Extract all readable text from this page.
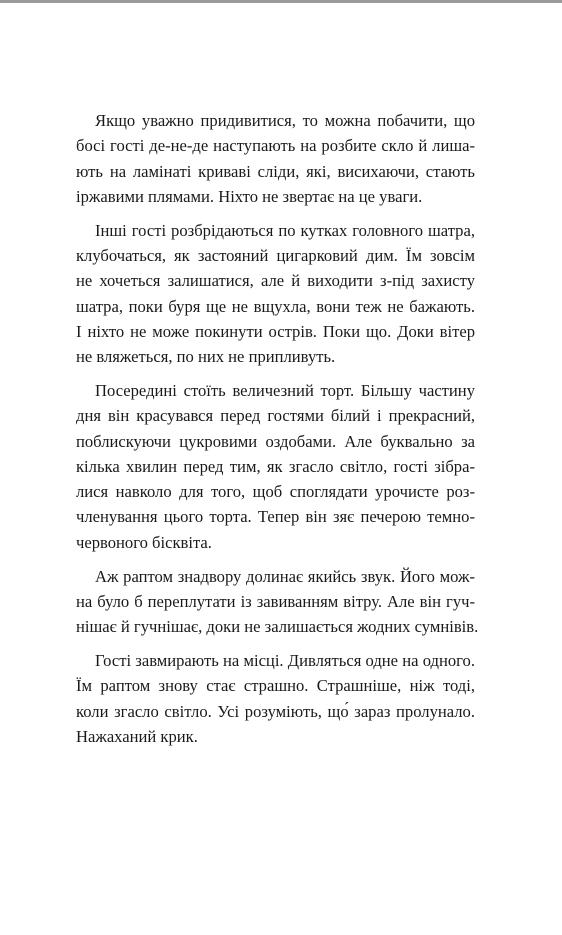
Якщо уважно придивитися, то можна побачити, що
босі гості де-не-де наступають на розбите скло й лиша-
ють на ламінаті криваві сліди, які, висихаючи, стають
іржавими плямами. Ніхто не звертає на це уваги.

Інші гості розбрідаються по кутках головного шатра,
клубочаться, як застояний цигарковий дим. Їм зовсім
не хочеться залишатися, але й виходити з-під захисту
шатра, поки буря ще не вщухла, вони теж не бажають.
І ніхто не може покинути острів. Поки що. Доки вітер
не вляжеться, по них не припливуть.

Посередині стоїть величезний торт. Більшу частину
дня він красувався перед гостями білий і прекрасний,
поблискуючи цукровими оздобами. Але буквально за
кілька хвилин перед тим, як згасло світло, гості зібра-
лися навколо для того, щоб споглядати урочисте роз-
членування цього торта. Тепер він зяє печерою темно-
червоного бісквіта.

Аж раптом знадвору долинає якийсь звук. Його мож-
на було б переплутати із завиванням вітру. Але він гуч-
нішає й гучнішає, доки не залишається жодних сумнівів.

Гості завмирають на місці. Дивляться одне на одного.
Їм раптом знову стає страшно. Страшніше, ніж тоді,
коли згасло світло. Усі розуміють, що́ зараз пролунало.
Нажаханий крик.
